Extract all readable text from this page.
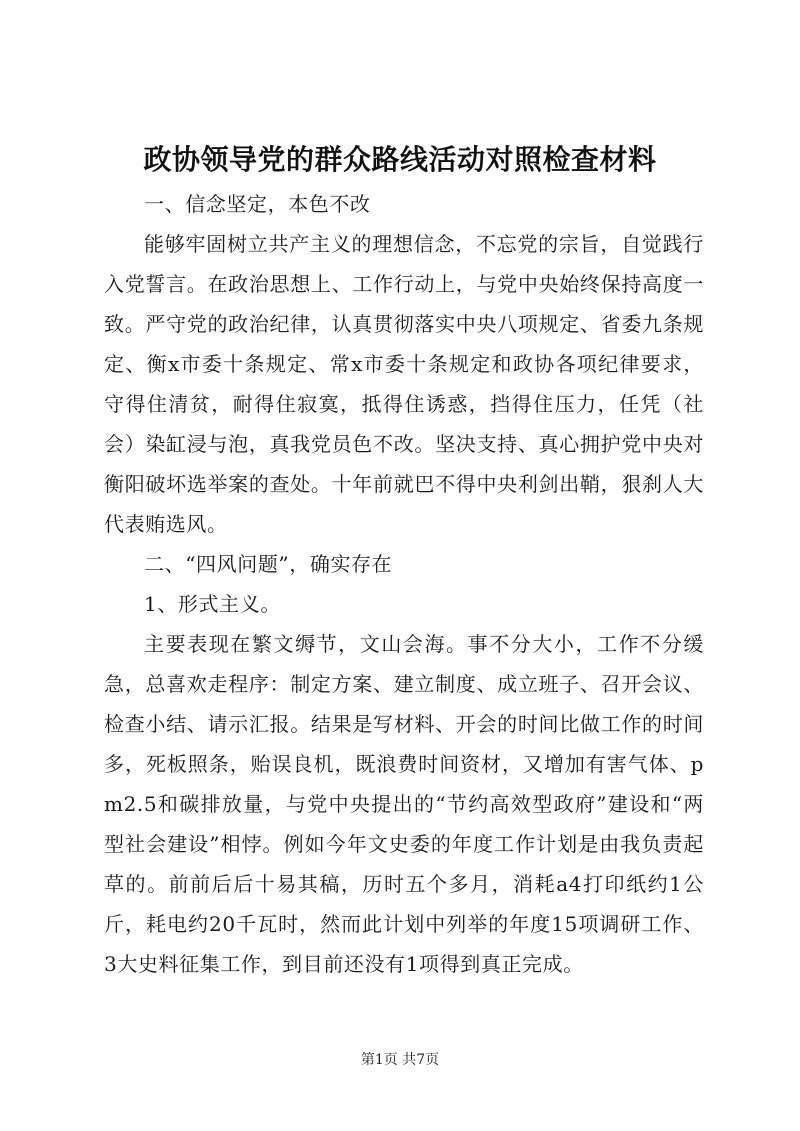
政协领导党的群众路线活动对照检查材料

一、信念坚定，本色不改

能够牢固树立共产主义的理想信念，不忘党的宗旨，自觉践行入党誓言。在政治思想上、工作行动上，与党中央始终保持高度一致。严守党的政治纪律，认真贯彻落实中央八项规定、省委九条规定、衡x市委十条规定、常x市委十条规定和政协各项纪律要求，守得住清贫，耐得住寂寞，抵得住诱惑，挡得住压力，任凭（社会）染缸浸与泡，真我党员色不改。坚决支持、真心拥护党中央对衡阳破坏选举案的查处。十年前就巴不得中央利剑出鞘，狠刹人大代表贿选风。

二、“四风问题”，确实存在

1、形式主义。

主要表现在繁文缛节，文山会海。事不分大小，工作不分缓急，总喜欢走程序：制定方案、建立制度、成立班子、召开会议、检查小结、请示汇报。结果是写材料、开会的时间比做工作的时间多，死板照条，贻误良机，既浪费时间资材，又增加有害气体、pm2.5和碳排放量，与党中央提出的“节约高效型政府”建设和“两型社会建设”相悖。例如今年文史委的年度工作计划是由我负责起草的。前前后后十易其稿，历时五个多月，消耗a4打印纸约1公斤，耗电约20千瓦时，然而此计划中列举的年度15项调研工作、3大史料征集工作，到目前还没有1项得到真正完成。

第1页 共7页
